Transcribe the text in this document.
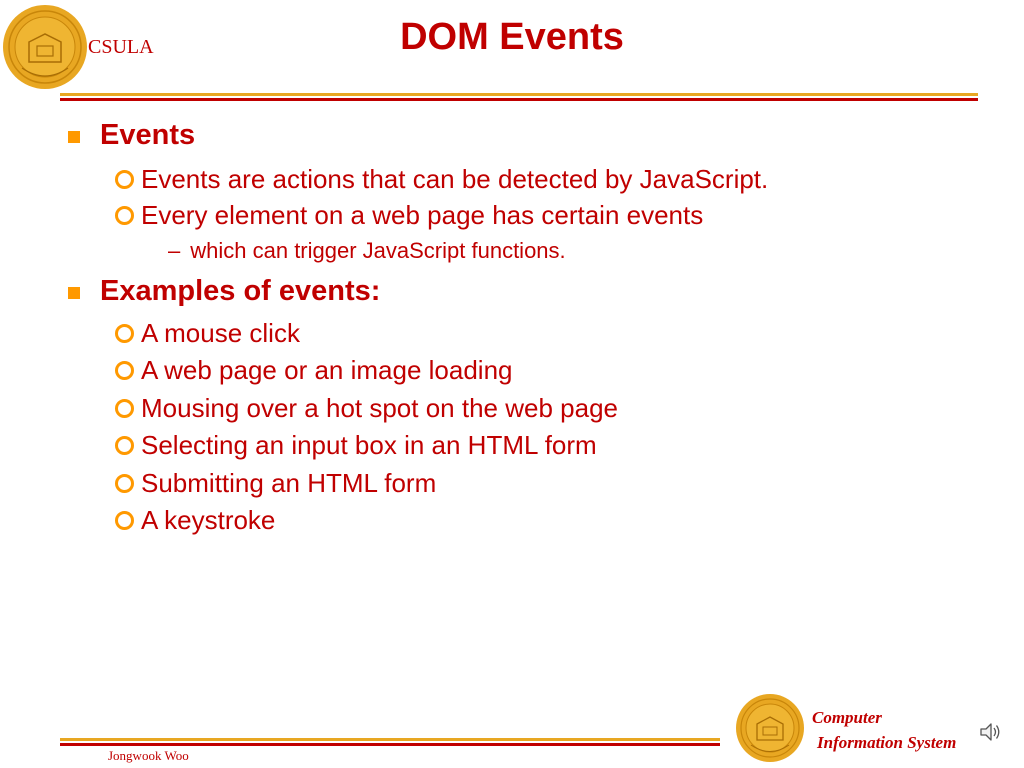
CSULA	DOM Events
Events
Events are actions that can be detected by JavaScript.
Every element on a web page has certain events
– which can trigger JavaScript functions.
Examples of events:
A mouse click
A web page or an image loading
Mousing over a hot spot on the web page
Selecting an input box in an HTML form
Submitting an HTML form
A keystroke
Jongwook Woo
Computer
Information System
